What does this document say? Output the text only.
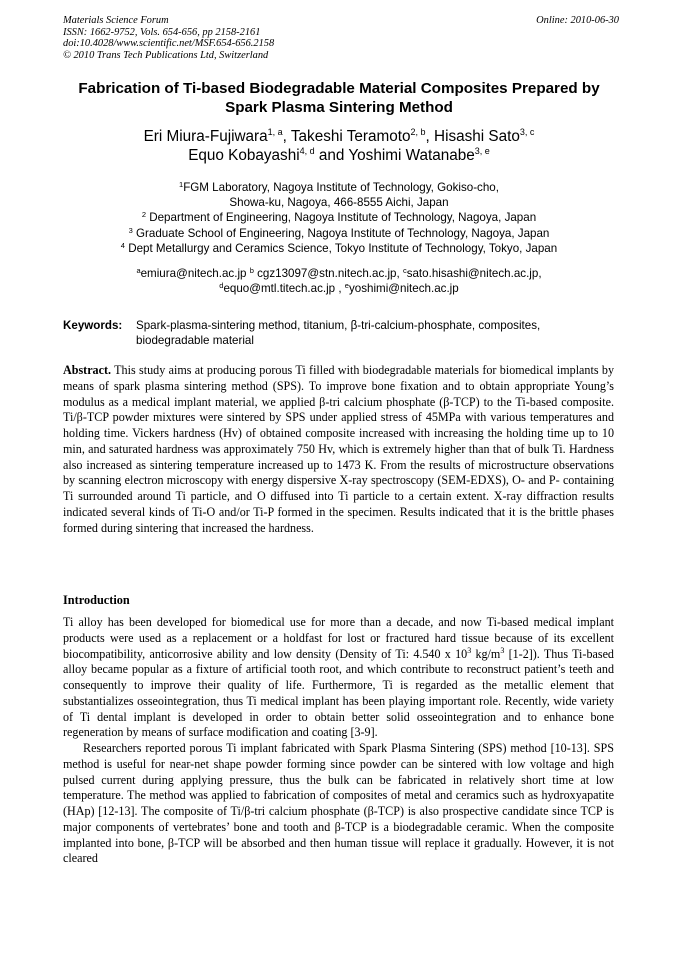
Materials Science Forum
ISSN: 1662-9752, Vols. 654-656, pp 2158-2161
doi:10.4028/www.scientific.net/MSF.654-656.2158
© 2010 Trans Tech Publications Ltd, Switzerland
Online: 2010-06-30
Fabrication of Ti-based Biodegradable Material Composites Prepared by
Spark Plasma Sintering Method
Eri Miura-Fujiwara$^{1, a}$, Takeshi Teramoto$^{2, b}$, Hisashi Sato$^{3, c}$
Equo Kobayashi$^{4, d}$ and Yoshimi Watanabe$^{3, e}$
$^1$FGM Laboratory, Nagoya Institute of Technology, Gokiso-cho,
Showa-ku, Nagoya, 466-8555 Aichi, Japan
$^2$ Department of Engineering, Nagoya Institute of Technology, Nagoya, Japan
$^3$ Graduate School of Engineering, Nagoya Institute of Technology, Nagoya, Japan
$^4$ Dept Metallurgy and Ceramics Science, Tokyo Institute of Technology, Tokyo, Japan
$^a$emiura@nitech.ac.jp $^b$ cgz13097@stn.nitech.ac.jp, $^c$sato.hisashi@nitech.ac.jp,
$^d$equo@mtl.titech.ac.jp , $^e$yoshimi@nitech.ac.jp
Keywords: Spark-plasma-sintering method, titanium, β-tri-calcium-phosphate, composites,
biodegradable material

Abstract. This study aims at producing porous Ti filled with biodegradable materials for biomedical implants by means of spark plasma sintering method (SPS). To improve bone fixation and to obtain appropriate Young’s modulus as a medical implant material, we applied β-tri calcium phosphate (β-TCP) to the Ti-based composite. Ti/β-TCP powder mixtures were sintered by SPS under applied stress of 45MPa with various temperatures and holding time. Vickers hardness (Hv) of obtained composite increased with increasing the holding time up to 10 min, and saturated hardness was approximately 750 Hv, which is extremely higher than that of bulk Ti. Hardness also increased as sintering temperature increased up to 1473 K. From the results of microstructure observations by scanning electron microscopy with energy dispersive X-ray spectroscopy (SEM-EDXS), O- and P- containing Ti surrounded around Ti particle, and O diffused into Ti particle to a certain extent. X-ray diffraction results indicated several kinds of Ti-O and/or Ti-P formed in the specimen. Results indicated that it is the brittle phases formed during sintering that increased the hardness.

Introduction

Ti alloy has been developed for biomedical use for more than a decade, and now Ti-based medical implant products were used as a replacement or a holdfast for lost or fractured hard tissue because of its excellent biocompatibility, anticorrosive ability and low density (Density of Ti: 4.540 x $10^3$ $kg/m^3$ [1-2]). Thus Ti-based alloy became popular as a fixture of artificial tooth root, and which contribute to reconstruct patient’s teeth and consequently to improve their quality of life. Furthermore, Ti is regarded as the metallic element that substantializes osseointegration, thus Ti medical implant has been playing important role. Recently, wide variety of Ti dental implant is developed in order to obtain better solid osseointegration and to enhance bone regeneration by means of surface modification and coating [3-9].

Researchers reported porous Ti implant fabricated with Spark Plasma Sintering (SPS) method [10-13]. SPS method is useful for near-net shape powder forming since powder can be sintered with low voltage and high pulsed current during applying pressure, thus the bulk can be fabricated in relatively short time at low temperature. The method was applied to fabrication of composites of metal and ceramics such as hydroxyapatite (HAp) [12-13]. The composite of Ti/β-tri calcium phosphate (β-TCP) is also prospective candidate since TCP is major components of vertebrates’ bone and tooth and β-TCP is a biodegradable ceramic. When the composite implanted into bone, β-TCP will be absorbed and then human tissue will replace it gradually. However, it is not cleared
